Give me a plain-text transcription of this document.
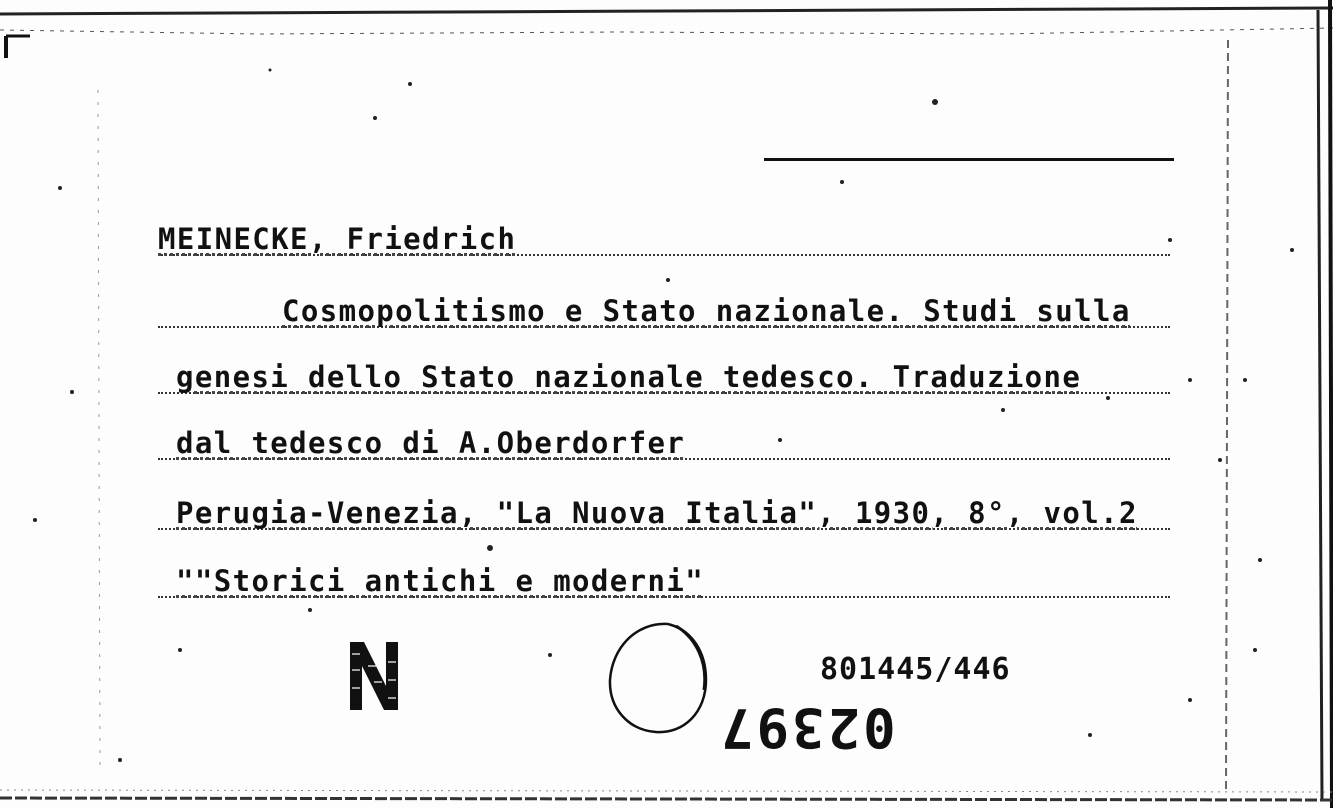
MEINECKE, Friedrich
Cosmopolitismo e Stato nazionale. Studi sulla
genesi dello Stato nazionale tedesco. Traduzione
dal tedesco di A.Oberdorfer
Perugia-Venezia, "La Nuova Italia", 1930, 8°, vol.2
""Storici antichi e moderni"
801445/446
02397
